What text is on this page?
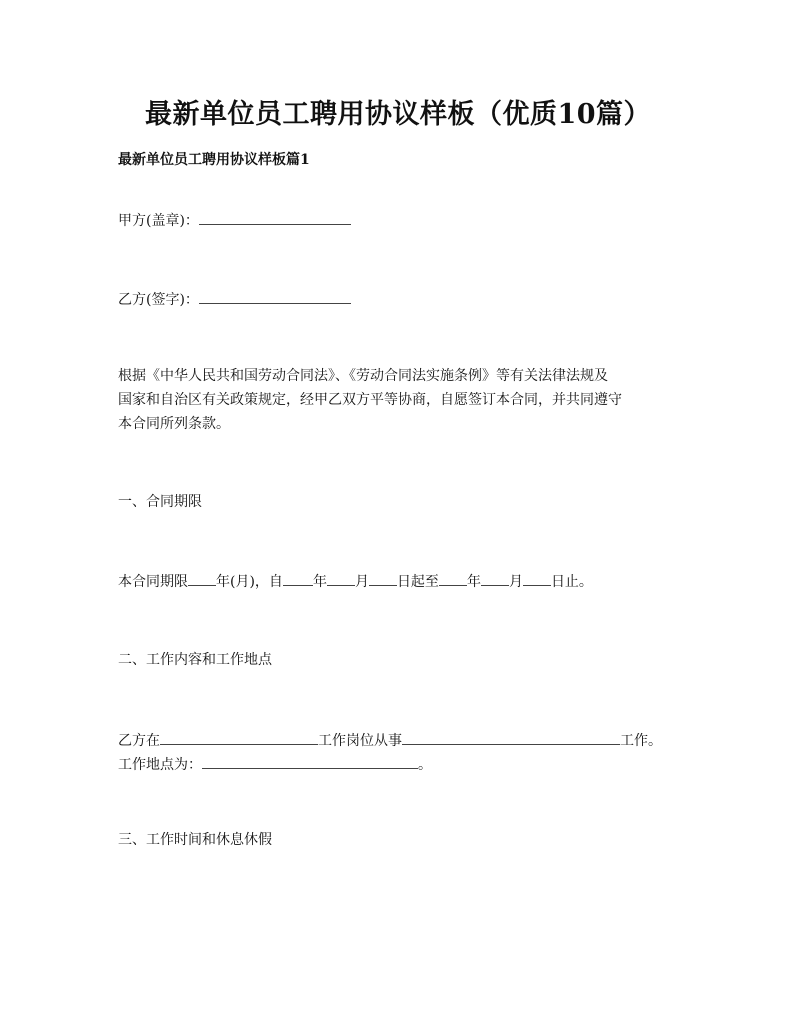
最新单位员工聘用协议样板（优质10篇）
最新单位员工聘用协议样板篇1
甲方(盖章)：
乙方(签字)：
根据《中华人民共和国劳动合同法》、《劳动合同法实施条例》等有关法律法规及
国家和自治区有关政策规定，经甲乙双方平等协商，自愿签订本合同，并共同遵守
本合同所列条款。
一、合同期限
本合同期限 年(月)，自 年 月 日起至 年 月 日止。
二、工作内容和工作地点
乙方在	工作岗位从事	工作。
工作地点为：	。
三、工作时间和休息休假
